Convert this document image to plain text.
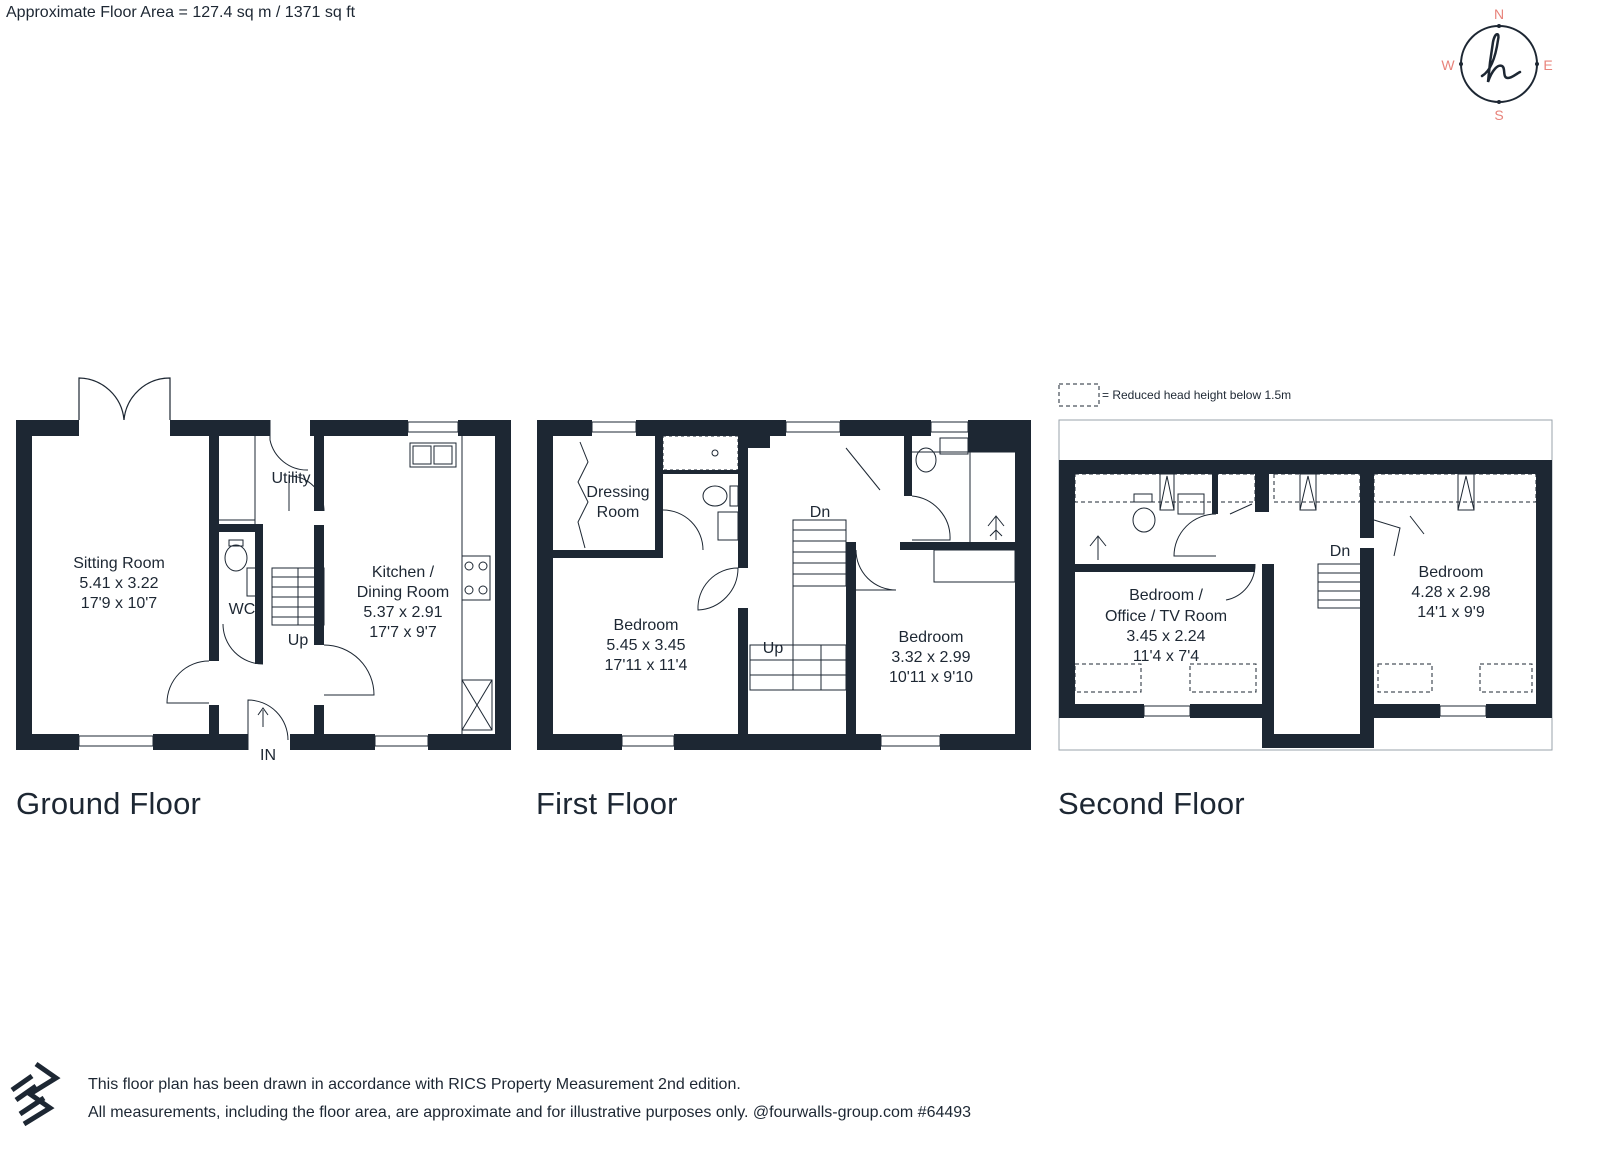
Approximate Floor Area = 127.4 sq m / 1371 sq ft	N
S
E
W
= Reduced head height below 1.5m
Sitting Room
5.41 x 3.22
17'9 x 10'7
Kitchen /
Dining Room
5.37 x 2.91
17'7 x 9'7
Utility
WC
Up
IN
Dressing
Room
Bedroom
5.45 x 3.45
17'11 x 11'4
Bedroom
3.32 x 2.99
10'11 x 9'10
Dn
Up
Bedroom /
Office / TV Room
3.45 x 2.24
11'4 x 7'4
Bedroom
4.28 x 2.98
14'1 x 9'9
Dn
Ground Floor	First Floor	Second Floor
This floor plan has been drawn in accordance with RICS Property Measurement 2nd edition.
All measurements, including the floor area, are approximate and for illustrative purposes only. @fourwalls-group.com #64493
